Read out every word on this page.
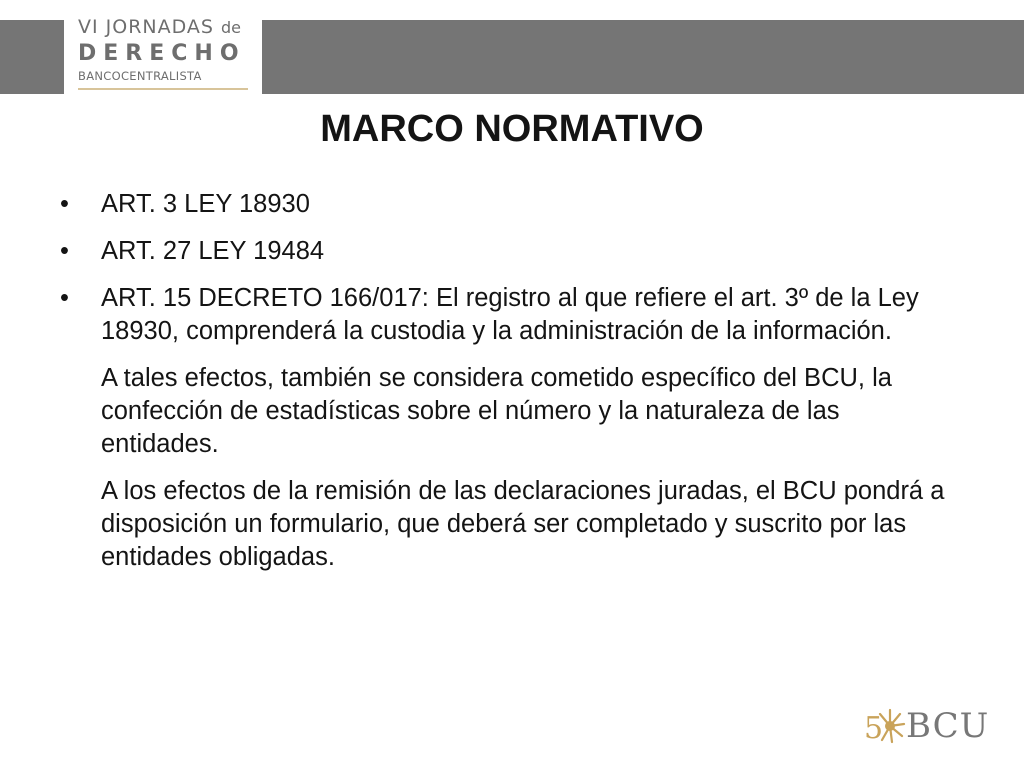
VI JORNADAS de
DERECHO
BANCOCENTRALISTA
MARCO NORMATIVO
• ART. 3 LEY 18930
• ART. 27 LEY 19484
• ART. 15 DECRETO 166/017: El registro al que refiere el art. 3º de la Ley 18930, comprenderá la custodia y la administración de la información.
A tales efectos, también se considera cometido específico del BCU, la confección de estadísticas sobre el número y la naturaleza de las entidades.
A los efectos de la remisión de las declaraciones juradas, el BCU pondrá a disposición un formulario, que deberá ser completado y suscrito por las entidades obligadas.
5 BCU
